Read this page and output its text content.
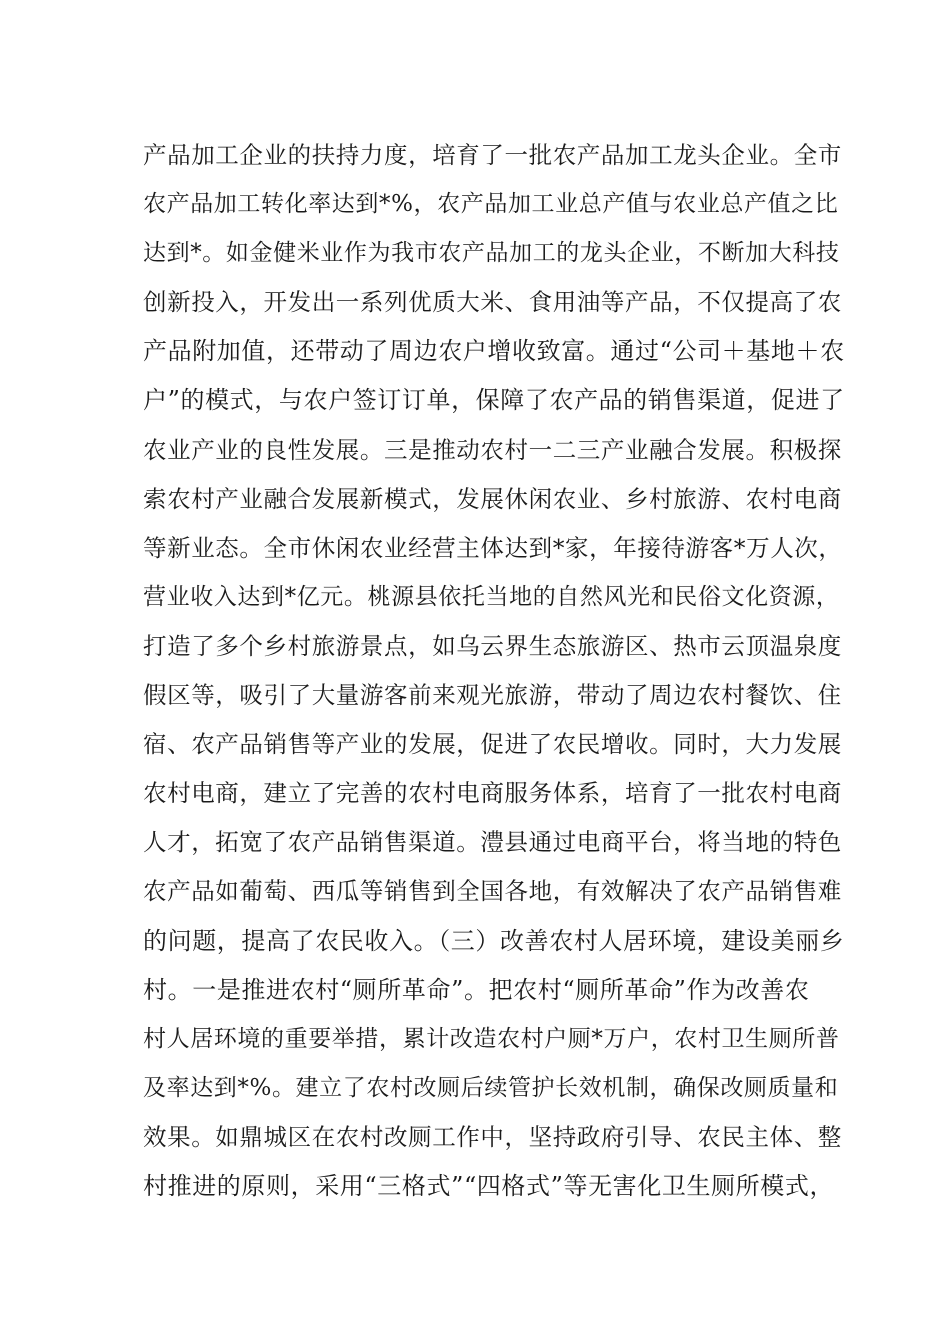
产品加工企业的扶持力度，培育了一批农产品加工龙头企业。全市
农产品加工转化率达到*%，农产品加工业总产值与农业总产值之比
达到*。如金健米业作为我市农产品加工的龙头企业，不断加大科技
创新投入，开发出一系列优质大米、食用油等产品，不仅提高了农
产品附加值，还带动了周边农户增收致富。通过“公司＋基地＋农
户”的模式，与农户签订订单，保障了农产品的销售渠道，促进了
农业产业的良性发展。三是推动农村一二三产业融合发展。积极探
索农村产业融合发展新模式，发展休闲农业、乡村旅游、农村电商
等新业态。全市休闲农业经营主体达到*家，年接待游客*万人次，
营业收入达到*亿元。桃源县依托当地的自然风光和民俗文化资源，
打造了多个乡村旅游景点，如乌云界生态旅游区、热市云顶温泉度
假区等，吸引了大量游客前来观光旅游，带动了周边农村餐饮、住
宿、农产品销售等产业的发展，促进了农民增收。同时，大力发展
农村电商，建立了完善的农村电商服务体系，培育了一批农村电商
人才，拓宽了农产品销售渠道。澧县通过电商平台，将当地的特色
农产品如葡萄、西瓜等销售到全国各地，有效解决了农产品销售难
的问题，提高了农民收入。（三）改善农村人居环境，建设美丽乡
村。一是推进农村“厕所革命”。把农村“厕所革命”作为改善农
村人居环境的重要举措，累计改造农村户厕*万户，农村卫生厕所普
及率达到*%。建立了农村改厕后续管护长效机制，确保改厕质量和
效果。如鼎城区在农村改厕工作中，坚持政府引导、农民主体、整
村推进的原则，采用“三格式”“四格式”等无害化卫生厕所模式，
